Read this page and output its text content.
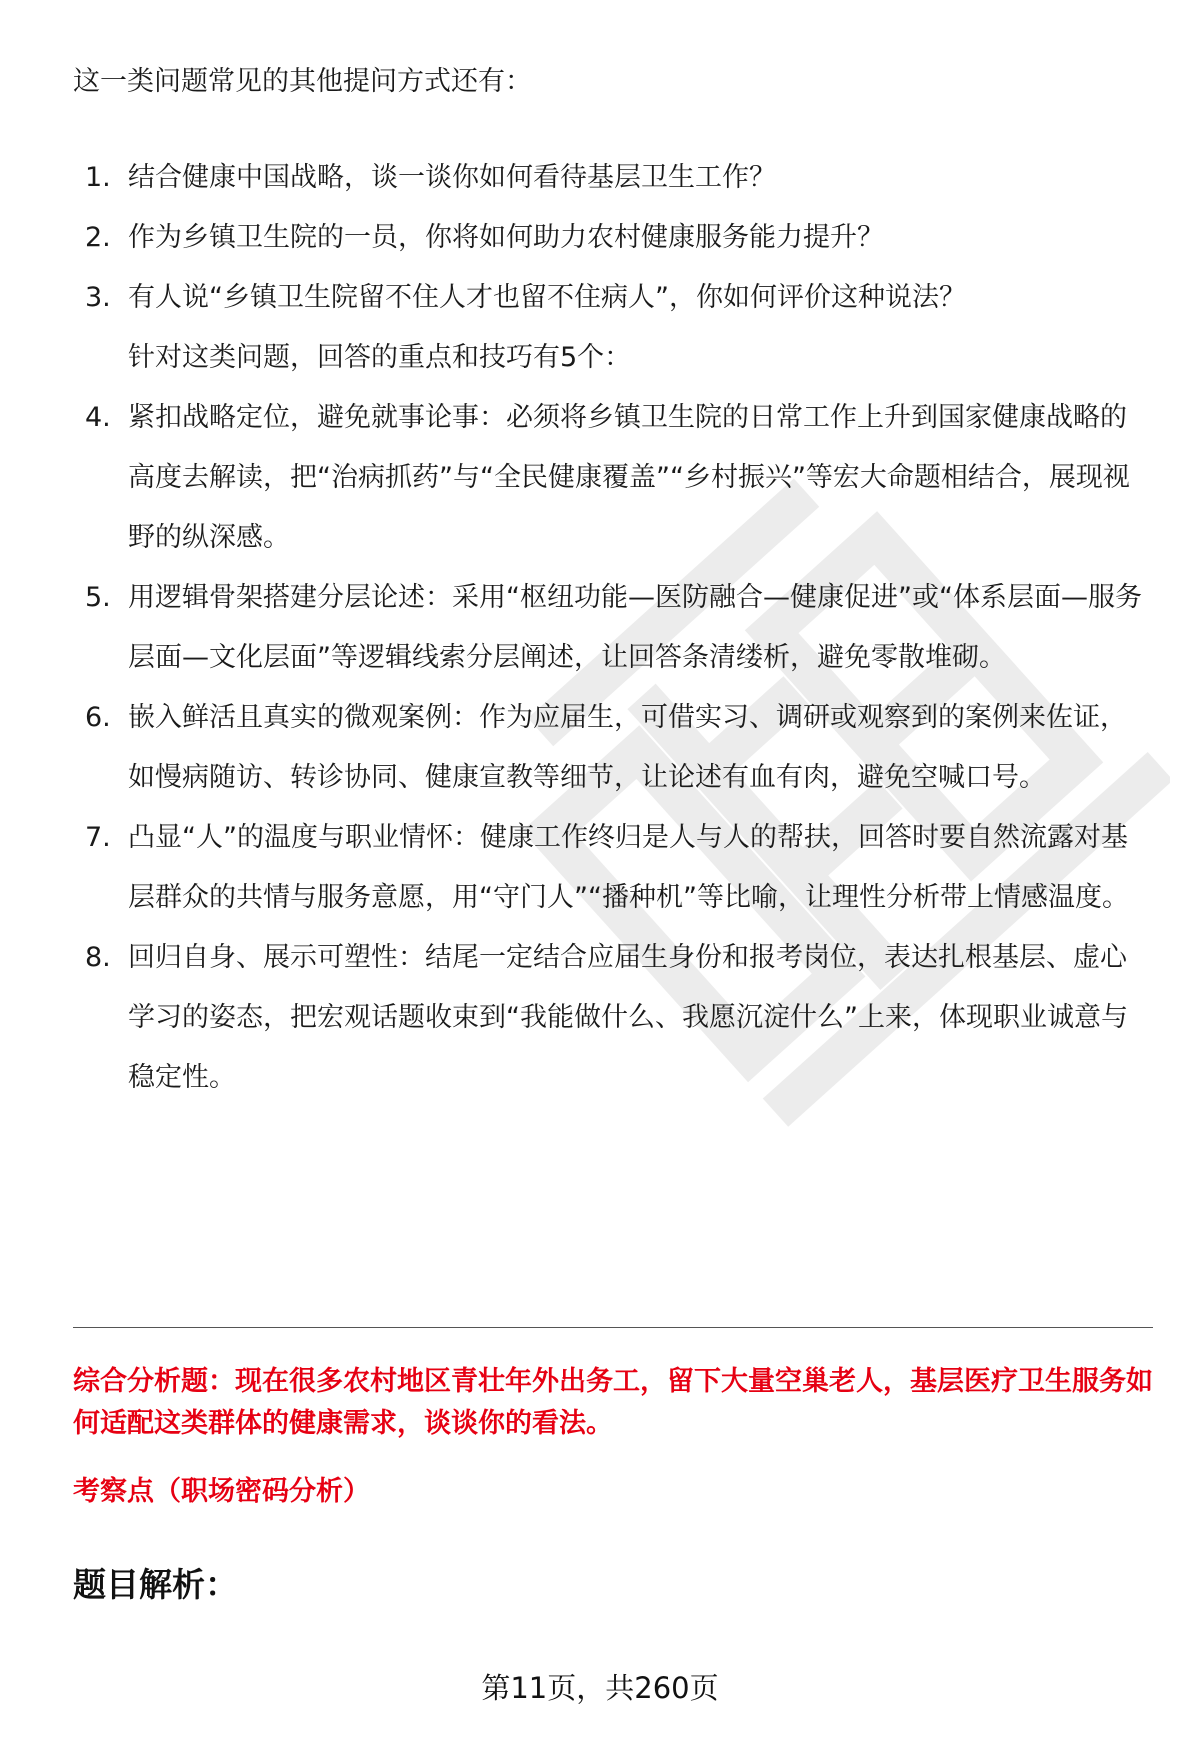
这一类问题常见的其他提问方式还有：
1. 结合健康中国战略，谈一谈你如何看待基层卫生工作？
2. 作为乡镇卫生院的一员，你将如何助力农村健康服务能力提升？
3. 有人说“乡镇卫生院留不住人才也留不住病人”，你如何评价这种说法？
针对这类问题，回答的重点和技巧有5个：
4. 紧扣战略定位，避免就事论事：必须将乡镇卫生院的日常工作上升到国家健康战略的高度去解读，把“治病抓药”与“全民健康覆盖”“乡村振兴”等宏大命题相结合，展现视野的纵深感。
5. 用逻辑骨架搭建分层论述：采用“枢纽功能—医防融合—健康促进”或“体系层面—服务层面—文化层面”等逻辑线索分层阐述，让回答条清缕析，避免零散堆砌。
6. 嵌入鲜活且真实的微观案例：作为应届生，可借实习、调研或观察到的案例来佐证，如慢病随访、转诊协同、健康宣教等细节，让论述有血有肉，避免空喊口号。
7. 凸显“人”的温度与职业情怀：健康工作终归是人与人的帮扶，回答时要自然流露对基层群众的共情与服务意愿，用“守门人”“播种机”等比喻，让理性分析带上情感温度。
8. 回归自身、展示可塑性：结尾一定结合应届生身份和报考岗位，表达扎根基层、虚心学习的姿态，把宏观话题收束到“我能做什么、我愿沉淀什么”上来，体现职业诚意与稳定性。
综合分析题：现在很多农村地区青壮年外出务工，留下大量空巢老人，基层医疗卫生服务如何适配这类群体的健康需求，谈谈你的看法。
考察点（职场密码分析）
题目解析：
第11页，共260页
